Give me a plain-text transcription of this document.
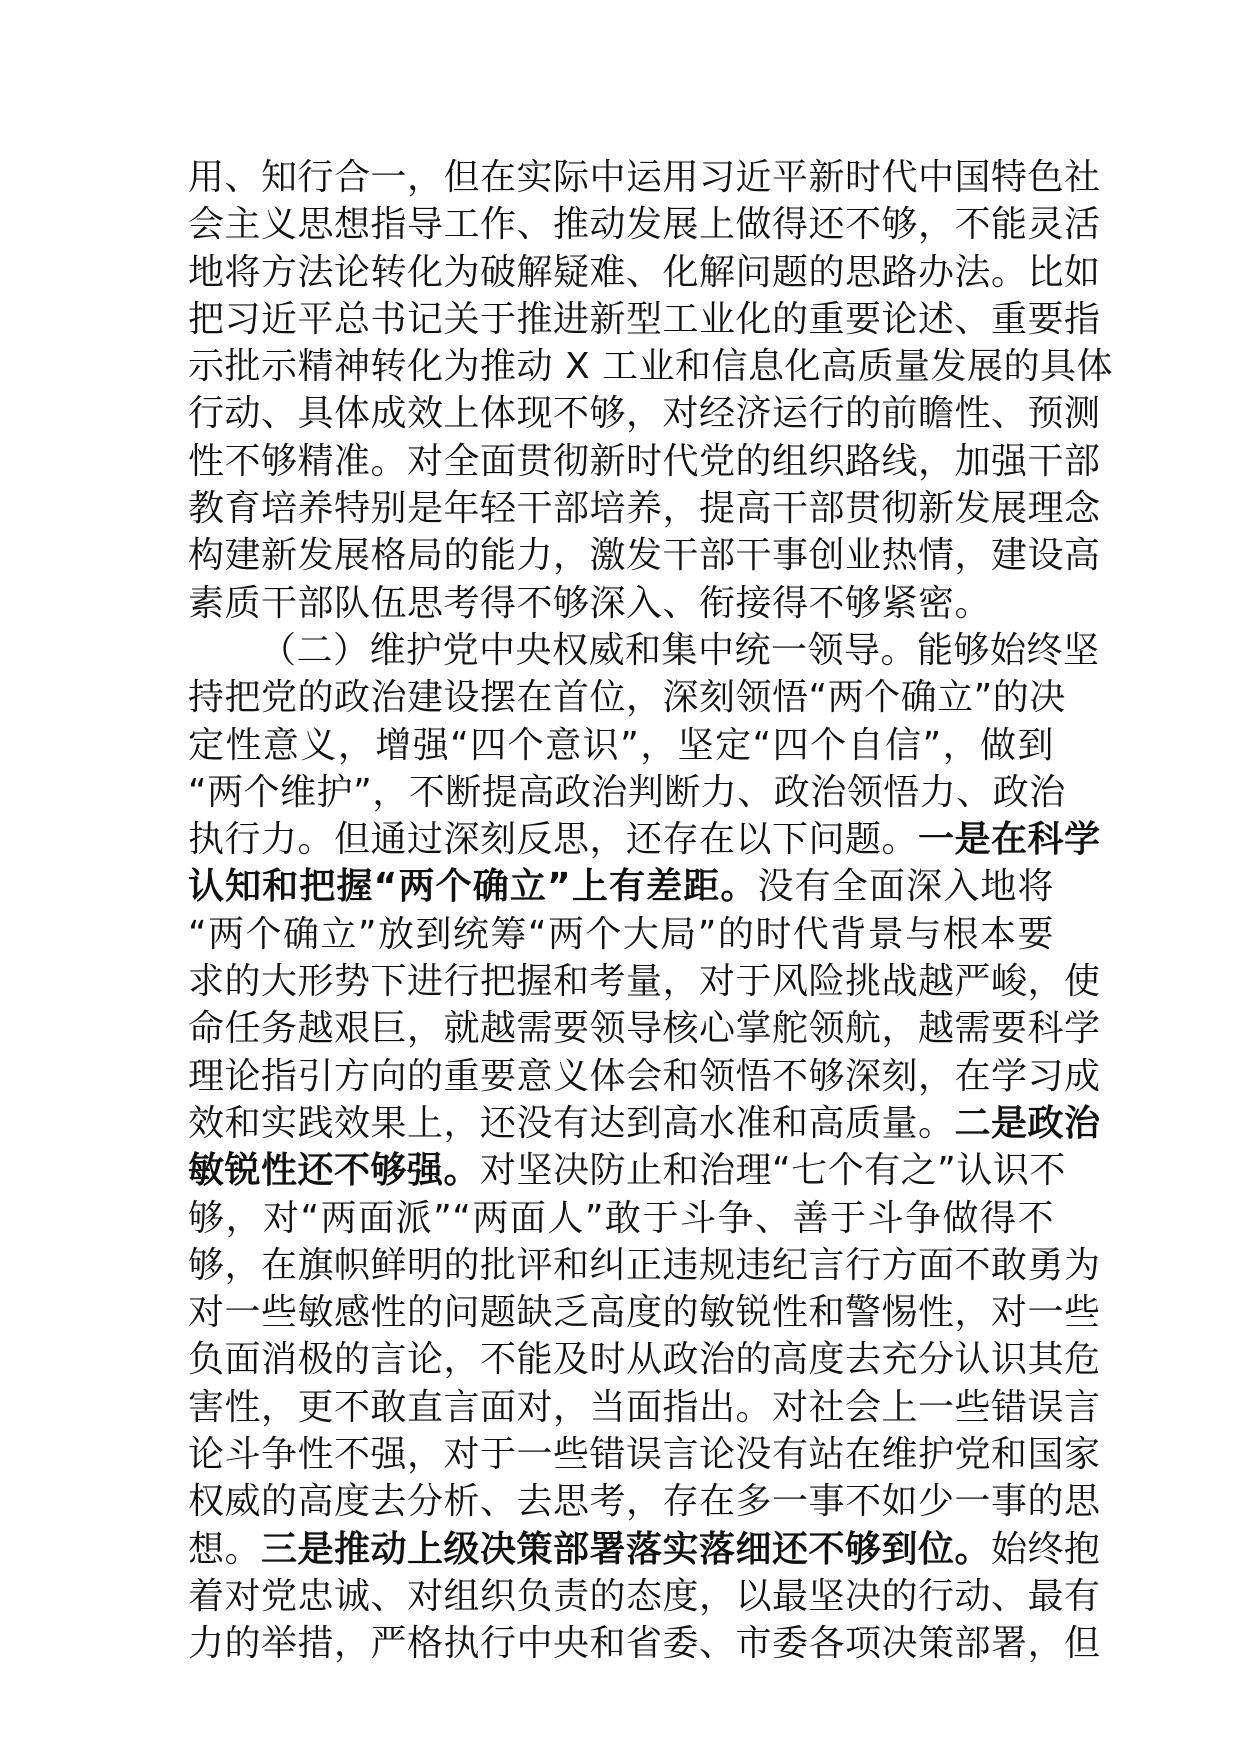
用、知行合一，但在实际中运用习近平新时代中国特色社
会主义思想指导工作、推动发展上做得还不够，不能灵活
地将方法论转化为破解疑难、化解问题的思路办法。比如
把习近平总书记关于推进新型工业化的重要论述、重要指
示批示精神转化为推动 X 工业和信息化高质量发展的具体
行动、具体成效上体现不够，对经济运行的前瞻性、预测
性不够精准。对全面贯彻新时代党的组织路线，加强干部
教育培养特别是年轻干部培养，提高干部贯彻新发展理念
构建新发展格局的能力，激发干部干事创业热情，建设高
素质干部队伍思考得不够深入、衔接得不够紧密。
（二）维护党中央权威和集中统一领导。能够始终坚
持把党的政治建设摆在首位，深刻领悟“两个确立”的决
定性意义，增强“四个意识”，坚定“四个自信”，做到
“两个维护”，不断提高政治判断力、政治领悟力、政治
执行力。但通过深刻反思，还存在以下问题。一是在科学
认知和把握“两个确立”上有差距。没有全面深入地将
“两个确立”放到统筹“两个大局”的时代背景与根本要
求的大形势下进行把握和考量，对于风险挑战越严峻，使
命任务越艰巨，就越需要领导核心掌舵领航，越需要科学
理论指引方向的重要意义体会和领悟不够深刻，在学习成
效和实践效果上，还没有达到高水准和高质量。二是政治
敏锐性还不够强。对坚决防止和治理“七个有之”认识不
够，对“两面派”“两面人”敢于斗争、善于斗争做得不
够，在旗帜鲜明的批评和纠正违规违纪言行方面不敢勇为
对一些敏感性的问题缺乏高度的敏锐性和警惕性，对一些
负面消极的言论，不能及时从政治的高度去充分认识其危
害性，更不敢直言面对，当面指出。对社会上一些错误言
论斗争性不强，对于一些错误言论没有站在维护党和国家
权威的高度去分析、去思考，存在多一事不如少一事的思
想。三是推动上级决策部署落实落细还不够到位。始终抱
着对党忠诚、对组织负责的态度，以最坚决的行动、最有
力的举措，严格执行中央和省委、市委各项决策部署，但
